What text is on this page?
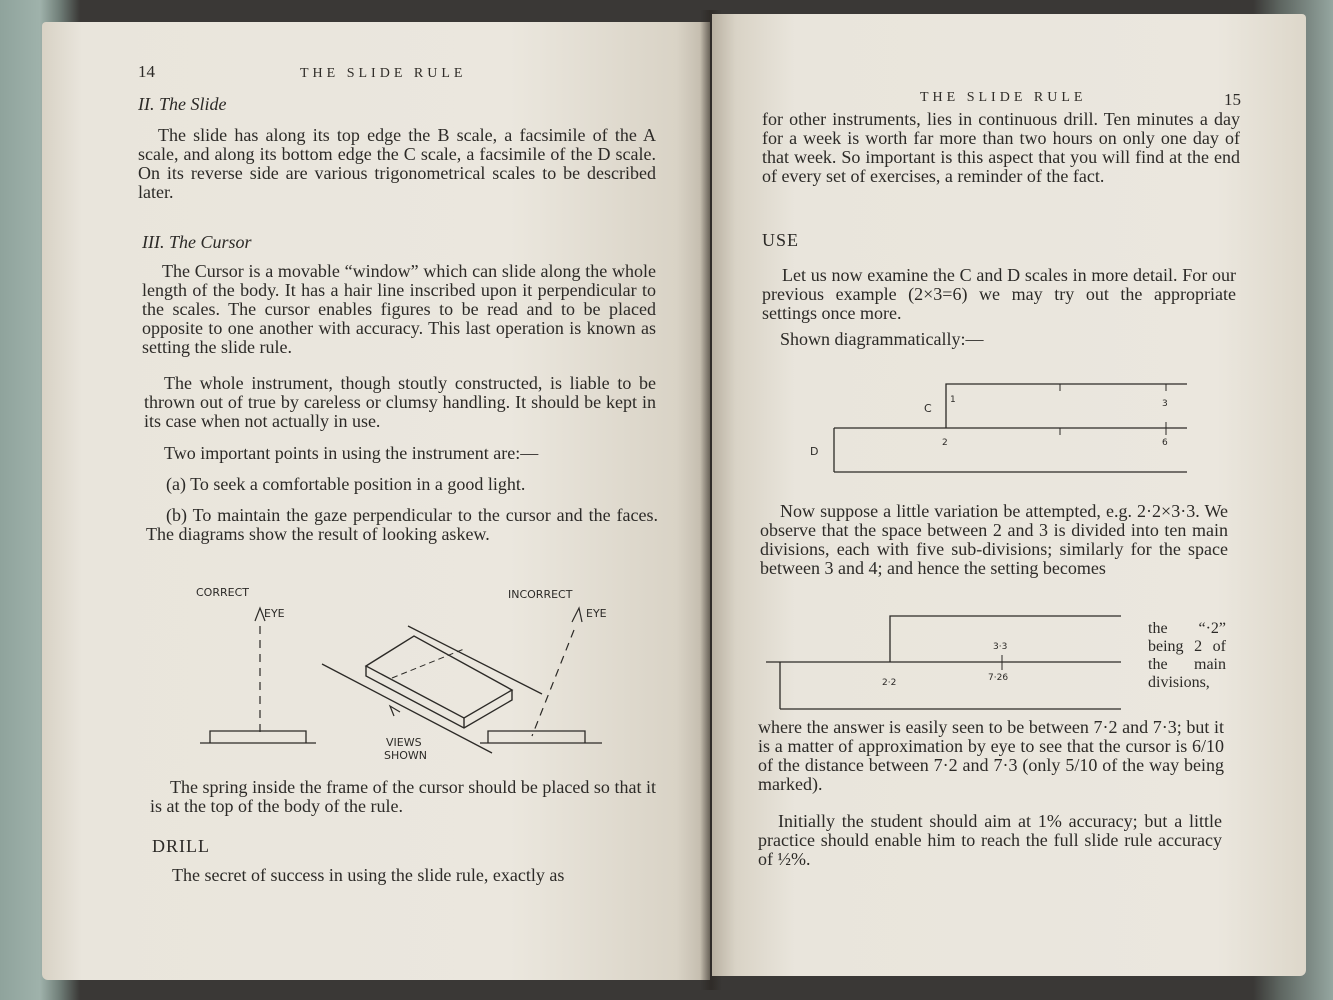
14	THE SLIDE RULE
II. The Slide

The slide has along its top edge the B scale, a facsimile of the A scale, and along its bottom edge the C scale, a facsimile of the D scale. On its reverse side are various trigonometrical scales to be described later.

III. The Cursor

The Cursor is a movable “window” which can slide along the whole length of the body. It has a hair line inscribed upon it perpendicular to the scales. The cursor enables figures to be read and to be placed opposite to one another with accuracy. This last operation is known as setting the slide rule.

The whole instrument, though stoutly constructed, is liable to be thrown out of true by careless or clumsy handling. It should be kept in its case when not actually in use.

Two important points in using the instrument are:—

(a) To seek a comfortable position in a good light.

(b) To maintain the gaze perpendicular to the cursor and the faces. The diagrams show the result of looking askew.

CORRECT	INCORRECT
EYE	EYE
VIEWS
SHOWN

The spring inside the frame of the cursor should be placed so that it is at the top of the body of the rule.

DRILL

The secret of success in using the slide rule, exactly as

THE SLIDE RULE	15

for other instruments, lies in continuous drill. Ten minutes a day for a week is worth far more than two hours on only one day of that week. So important is this aspect that you will find at the end of every set of exercises, a reminder of the fact.

USE

Let us now examine the C and D scales in more detail. For our previous example (2×3=6) we may try out the appropriate settings once more.

Shown diagrammatically:—

C
1	3
D
2	6

Now suppose a little variation be attempted, e.g. 2·2×3·3. We observe that the space between 2 and 3 is divided into ten main divisions, each with five sub-divisions; similarly for the space between 3 and 4; and hence the setting becomes

3·3
2·2	7·26
the “·2” being 2 of the main divisions,

where the answer is easily seen to be between 7·2 and 7·3; but it is a matter of approximation by eye to see that the cursor is 6/10 of the distance between 7·2 and 7·3 (only 5/10 of the way being marked).

Initially the student should aim at 1% accuracy; but a little practice should enable him to reach the full slide rule accuracy of ½%.
